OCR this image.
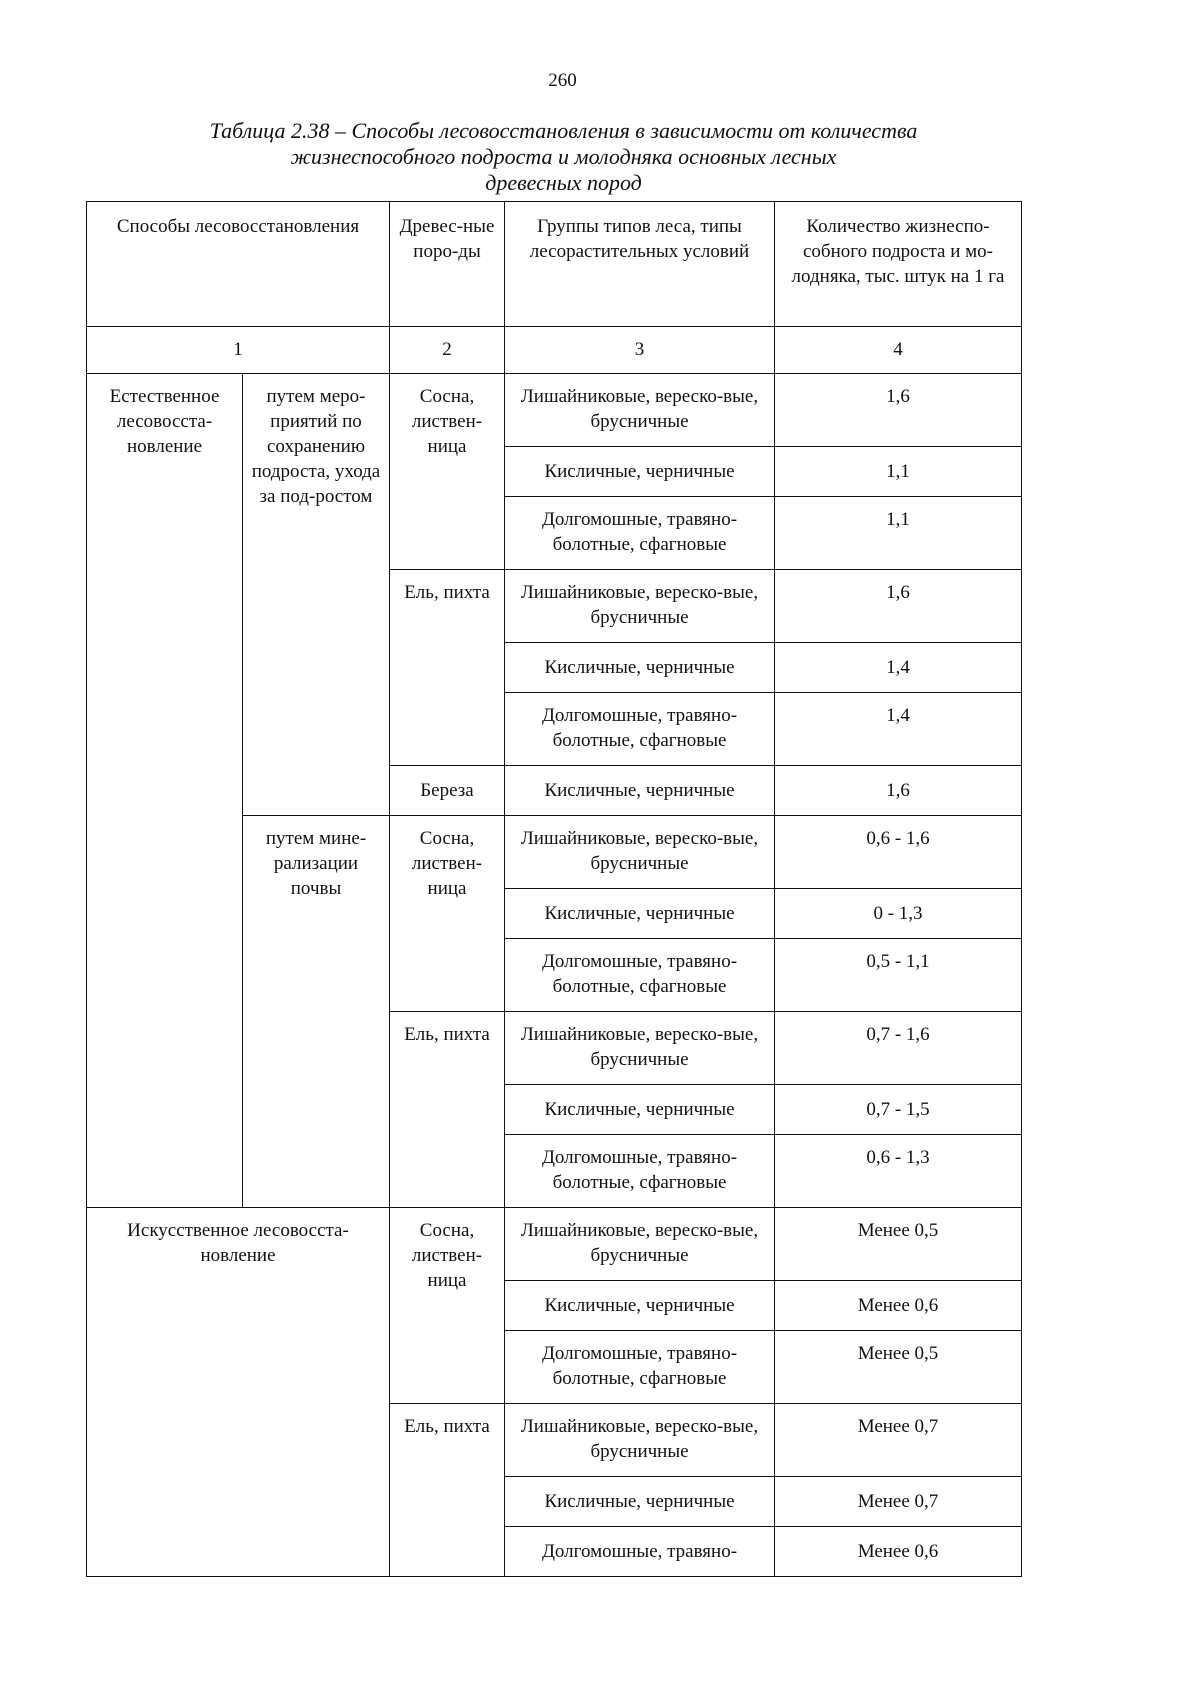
260
Таблица 2.38 – Способы лесовосстановления в зависимости от количества
жизнеспособного подроста и молодняка основных лесных
древесных пород
Способы лесовосстановления		Древес-ные поро-ды	Группы типов леса, типы лесорастительных условий	Количество жизнеспо-собного подроста и мо-лодняка, тыс. штук на 1 га
1		2	3	4
Естественное лесовосста-новление	путем меро-приятий по сохранению подроста, ухода за под-ростом	Сосна, листвен-ница	Лишайниковые, вереско-вые, брусничные	1,6
			Кисличные, черничные	1,1
			Долгомошные, травяно-болотные, сфагновые	1,1
		Ель, пихта	Лишайниковые, вереско-вые, брусничные	1,6
			Кисличные, черничные	1,4
			Долгомошные, травяно-болотные, сфагновые	1,4
		Береза	Кисличные, черничные	1,6
	путем мине-рализации почвы	Сосна, листвен-ница	Лишайниковые, вереско-вые, брусничные	0,6 - 1,6
			Кисличные, черничные	0 - 1,3
			Долгомошные, травяно-болотные, сфагновые	0,5 - 1,1
		Ель, пихта	Лишайниковые, вереско-вые, брусничные	0,7 - 1,6
			Кисличные, черничные	0,7 - 1,5
			Долгомошные, травяно-болотные, сфагновые	0,6 - 1,3
Искусственное лесовосста-новление		Сосна, листвен-ница	Лишайниковые, вереско-вые, брусничные	Менее 0,5
			Кисличные, черничные	Менее 0,6
			Долгомошные, травяно-болотные, сфагновые	Менее 0,5
		Ель, пихта	Лишайниковые, вереско-вые, брусничные	Менее 0,7
			Кисличные, черничные	Менее 0,7
			Долгомошные, травяно-	Менее 0,6
